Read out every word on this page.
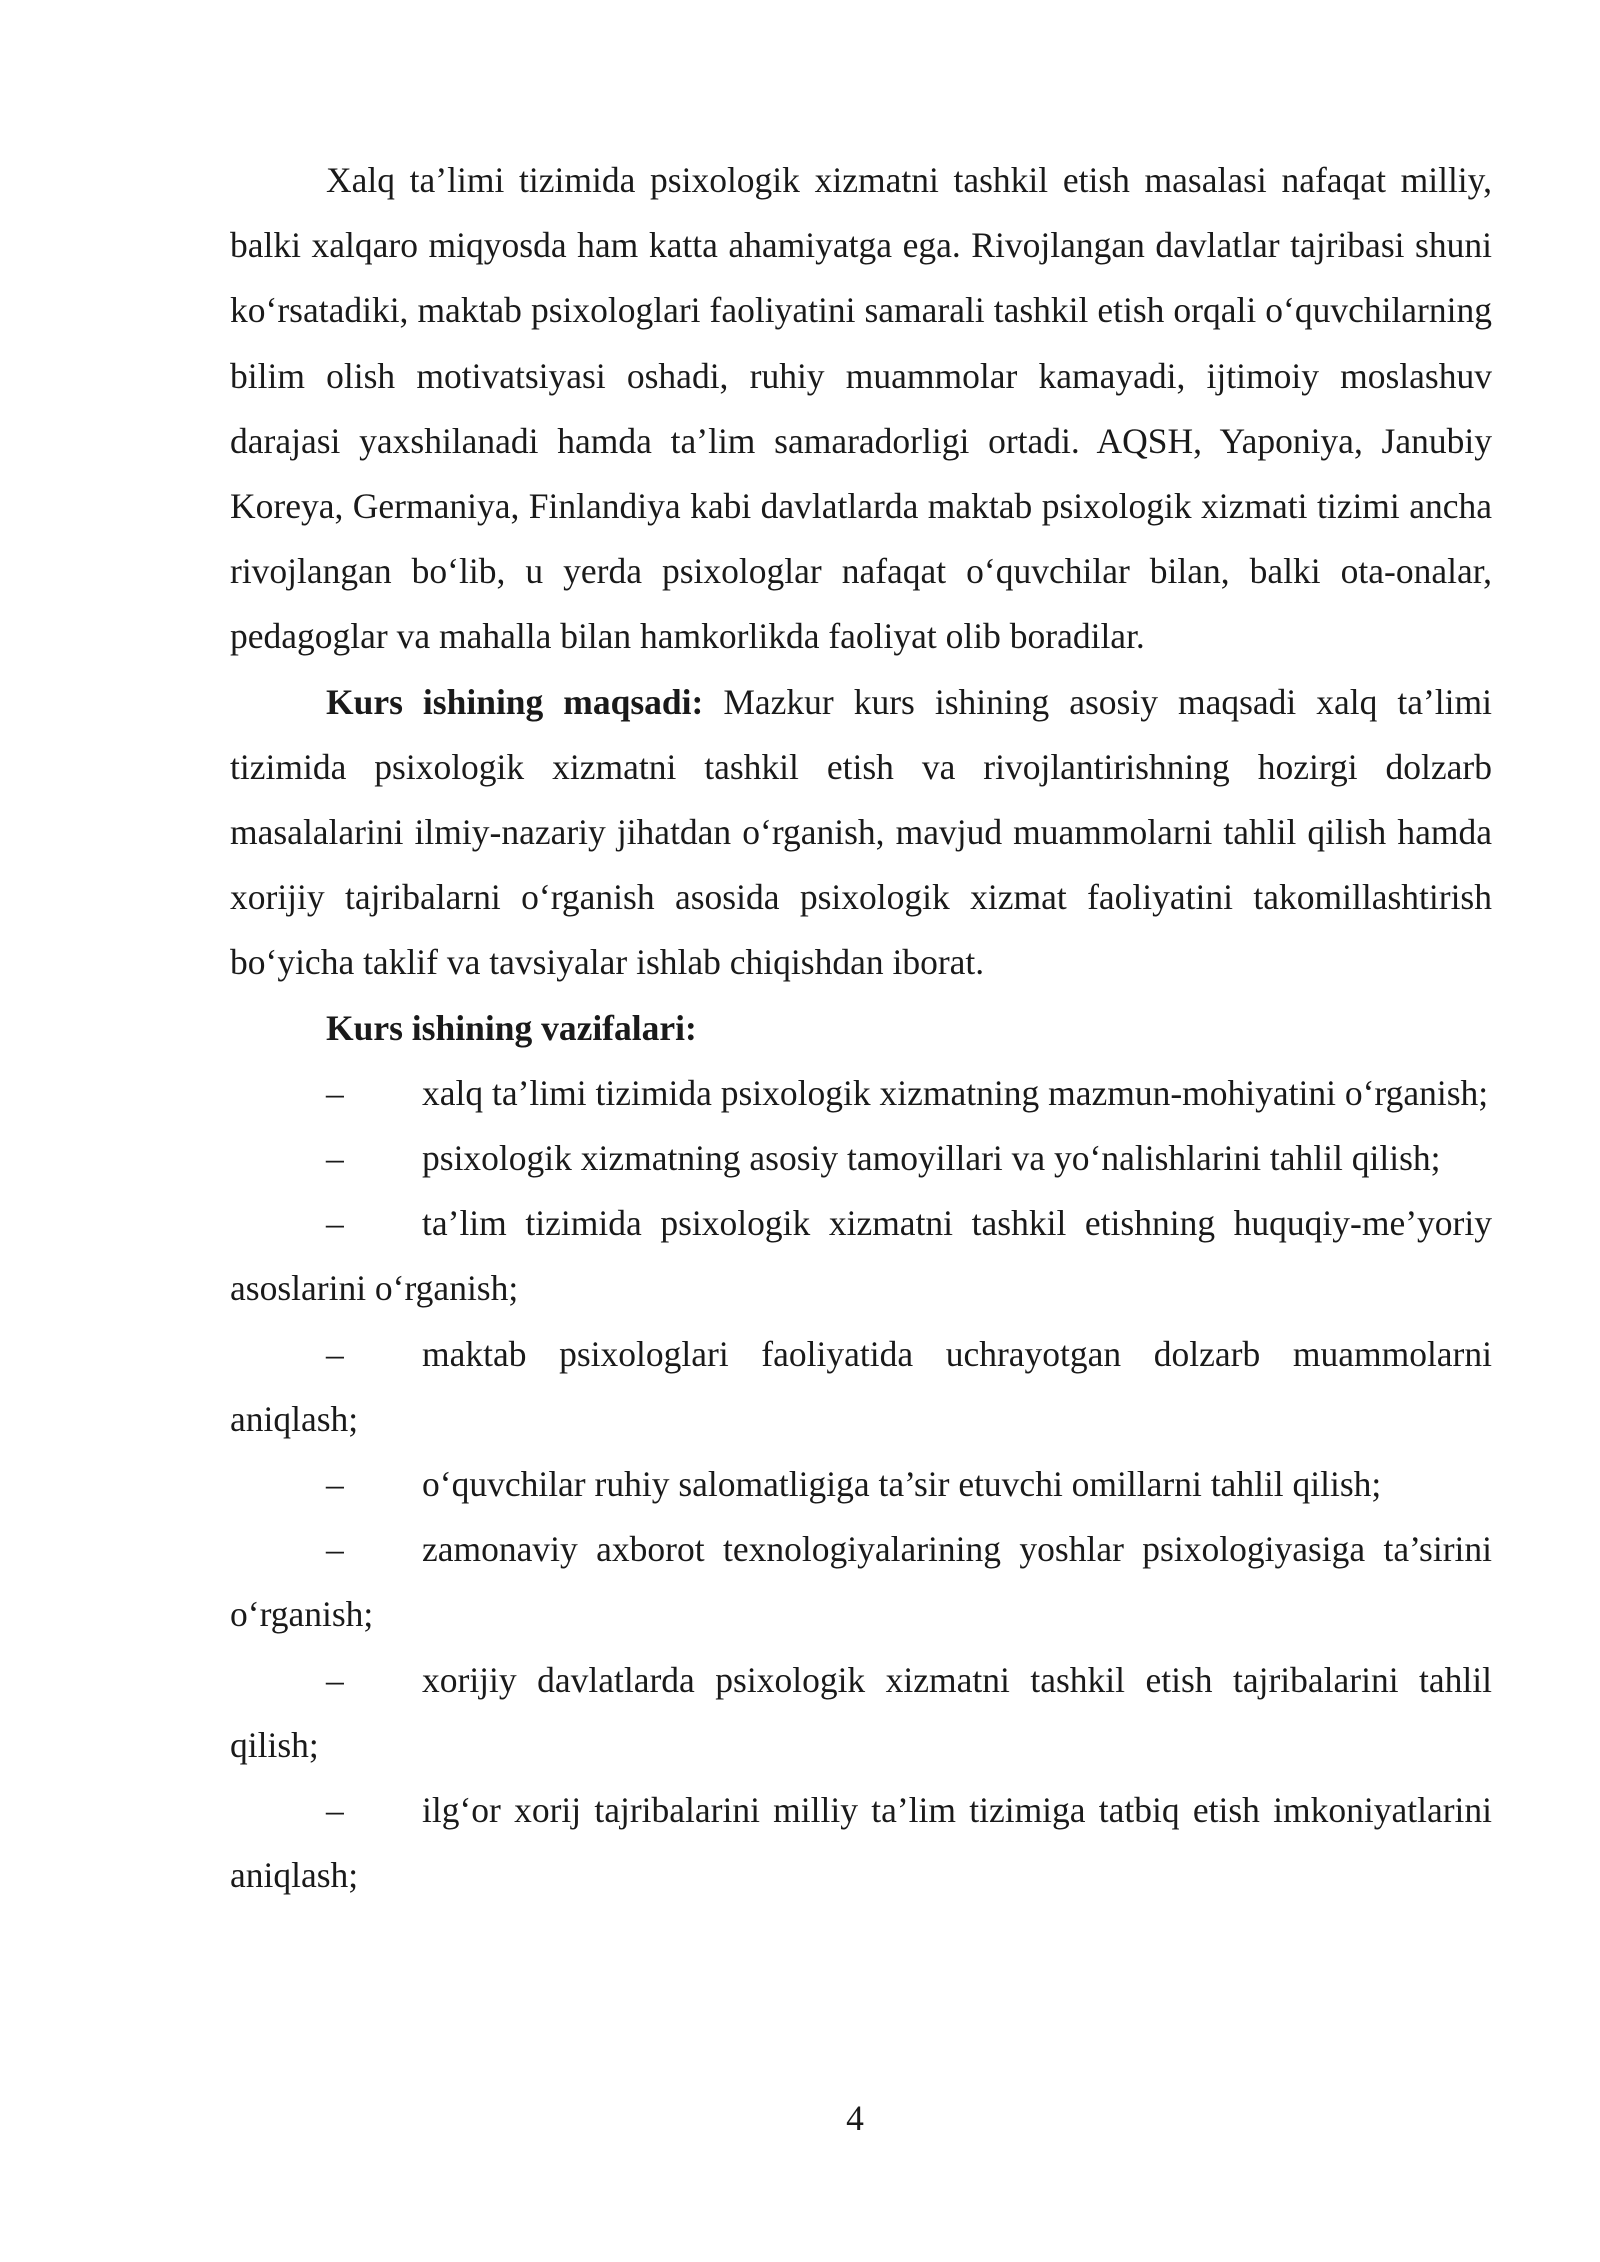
Xalq ta’limi tizimida psixologik xizmatni tashkil etish masalasi nafaqat milliy, balki xalqaro miqyosda ham katta ahamiyatga ega. Rivojlangan davlatlar tajribasi shuni ko‘rsatadiki, maktab psixologlari faoliyatini samarali tashkil etish orqali o‘quvchilarning bilim olish motivatsiyasi oshadi, ruhiy muammolar kamayadi, ijtimoiy moslashuv darajasi yaxshilanadi hamda ta’lim samaradorligi ortadi. AQSH, Yaponiya, Janubiy Koreya, Germaniya, Finlandiya kabi davlatlarda maktab psixologik xizmati tizimi ancha rivojlangan bo‘lib, u yerda psixologlar nafaqat o‘quvchilar bilan, balki ota-onalar, pedagoglar va mahalla bilan hamkorlikda faoliyat olib boradilar.

Kurs ishining maqsadi: Mazkur kurs ishining asosiy maqsadi xalq ta’limi tizimida psixologik xizmatni tashkil etish va rivojlantirishning hozirgi dolzarb masalalarini ilmiy-nazariy jihatdan o‘rganish, mavjud muammolarni tahlil qilish hamda xorijiy tajribalarni o‘rganish asosida psixologik xizmat faoliyatini takomillashtirish bo‘yicha taklif va tavsiyalar ishlab chiqishdan iborat.

Kurs ishining vazifalari:

– xalq ta’limi tizimida psixologik xizmatning mazmun-mohiyatini o‘rganish;

– psixologik xizmatning asosiy tamoyillari va yo‘nalishlarini tahlil qilish;

– ta’lim tizimida psixologik xizmatni tashkil etishning huquqiy-me’yoriy asoslarini o‘rganish;

– maktab psixologlari faoliyatida uchrayotgan dolzarb muammolarni aniqlash;

– o‘quvchilar ruhiy salomatligiga ta’sir etuvchi omillarni tahlil qilish;

– zamonaviy axborot texnologiyalarining yoshlar psixologiyasiga ta’sirini o‘rganish;

– xorijiy davlatlarda psixologik xizmatni tashkil etish tajribalarini tahlil qilish;

– ilg‘or xorij tajribalarini milliy ta’lim tizimiga tatbiq etish imkoniyatlarini aniqlash;

4
